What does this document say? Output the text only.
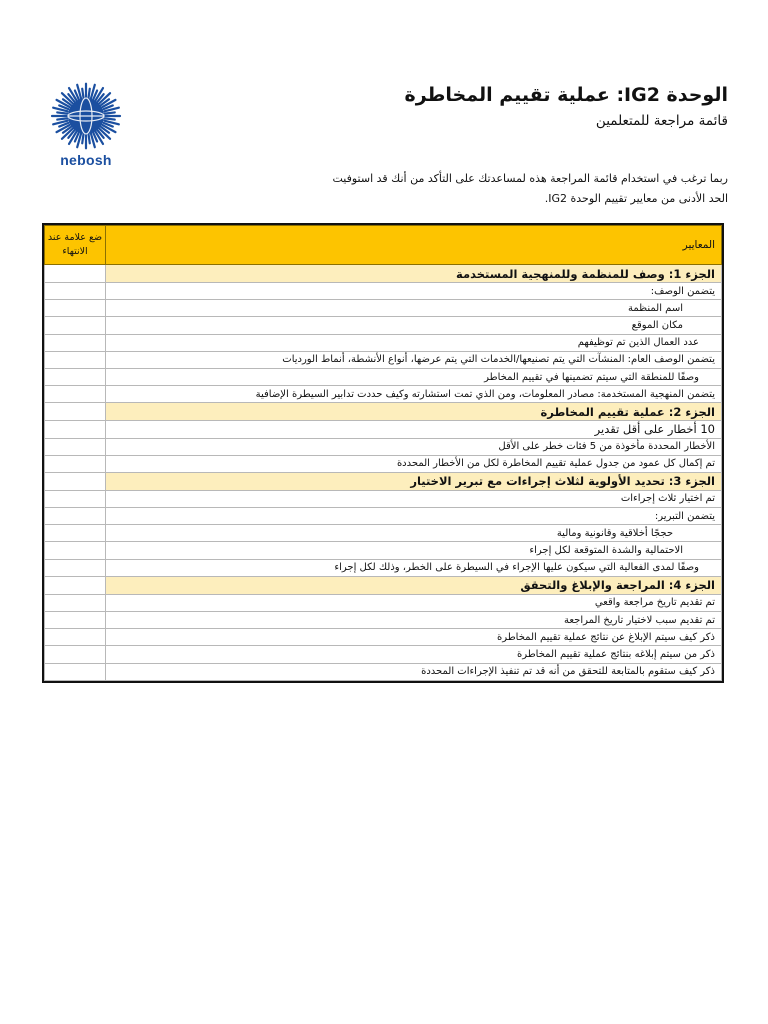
nebosh
الوحدة IG2: عملية تقييم المخاطرة
قائمة مراجعة للمتعلمين
ربما ترغب في استخدام قائمة المراجعة هذه لمساعدتك على التأكد من أنك قد استوفيت
الحد الأدنى من معايير تقييم الوحدة IG2.
المعايير	ضع علامة عند الانتهاء
الجزء 1: وصف للمنظمة وللمنهجية المستخدمة	
يتضمن الوصف:	
اسم المنظمة	
مكان الموقع	
عدد العمال الذين تم توظيفهم	
يتضمن الوصف العام: المنشآت التي يتم تصنيعها/الخدمات التي يتم عرضها، أنواع الأنشطة، أنماط الورديات	
وصفًا للمنطقة التي سيتم تضمينها في تقييم المخاطر	
يتضمن المنهجية المستخدمة: مصادر المعلومات، ومن الذي تمت استشارته وكيف حددت تدابير السيطرة الإضافية	
الجزء 2: عملية تقييم المخاطرة	
10 أخطار على أقل تقدير	
الأخطار المحددة مأخوذة من 5 فئات خطر على الأقل	
تم إكمال كل عمود من جدول عملية تقييم المخاطرة لكل من الأخطار المحددة	
الجزء 3: تحديد الأولوية لثلاث إجراءات مع تبرير الاختيار	
تم اختيار ثلاث إجراءات	
يتضمن التبرير:	
حججًا أخلاقية وقانونية ومالية	
الاحتمالية والشدة المتوقعة لكل إجراء	
وصفًا لمدى الفعالية التي سيكون عليها الإجراء في السيطرة على الخطر، وذلك لكل إجراء	
الجزء 4: المراجعة والإبلاغ والتحقق	
تم تقديم تاريخ مراجعة واقعي	
تم تقديم سبب لاختيار تاريخ المراجعة	
ذكر كيف سيتم الإبلاغ عن نتائج عملية تقييم المخاطرة	
ذكر من سيتم إبلاغه بنتائج عملية تقييم المخاطرة	
ذكر كيف ستقوم بالمتابعة للتحقق من أنه قد تم تنفيذ الإجراءات المحددة	
